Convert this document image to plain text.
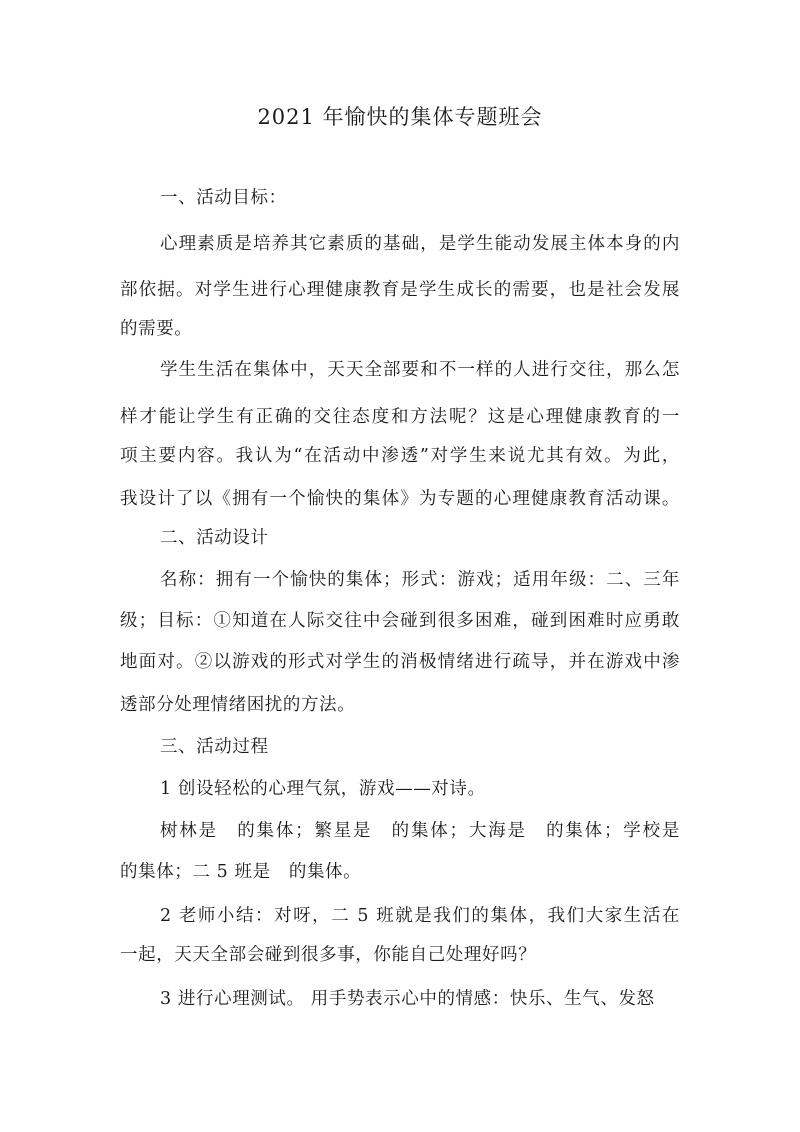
2021 年愉快的集体专题班会
一、活动目标：
心理素质是培养其它素质的基础，是学生能动发展主体本身的内
部依据。对学生进行心理健康教育是学生成长的需要，也是社会发展
的需要。
学生生活在集体中，天天全部要和不一样的人进行交往，那么怎
样才能让学生有正确的交往态度和方法呢？这是心理健康教育的一
项主要内容。我认为“在活动中渗透”对学生来说尤其有效。为此，
我设计了以《拥有一个愉快的集体》为专题的心理健康教育活动课。
二、活动设计
名称：拥有一个愉快的集体；形式：游戏；适用年级：二、三年
级；目标：①知道在人际交往中会碰到很多困难，碰到困难时应勇敢
地面对。②以游戏的形式对学生的消极情绪进行疏导，并在游戏中渗
透部分处理情绪困扰的方法。
三、活动过程
1 创设轻松的心理气氛，游戏——对诗。
树林是　的集体；繁星是　的集体；大海是　的集体；学校是
的集体；二 5 班是　的集体。
2 老师小结：对呀，二 5 班就是我们的集体，我们大家生活在
一起，天天全部会碰到很多事，你能自己处理好吗？
3 进行心理测试。 用手势表示心中的情感：快乐、生气、发怒
